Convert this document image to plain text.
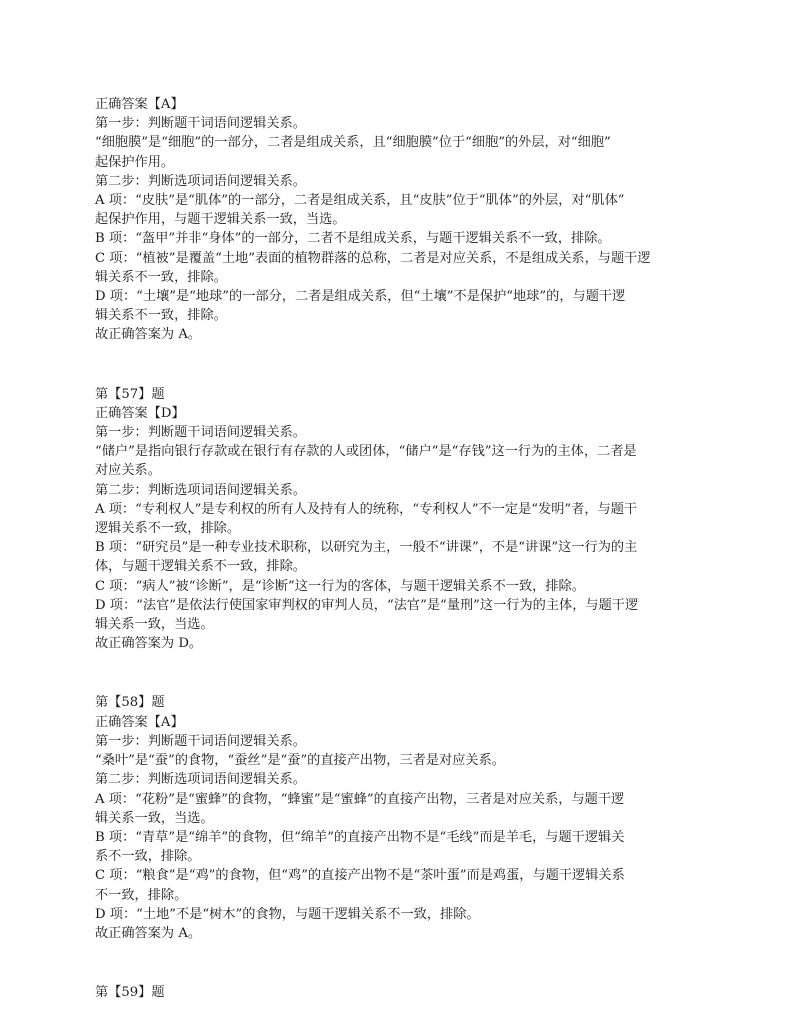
正确答案【A】

第一步：判断题干词语间逻辑关系。

“细胞膜”是“细胞”的一部分，二者是组成关系，且“细胞膜”位于“细胞”的外层，对“细胞”

起保护作用。

第二步：判断选项词语间逻辑关系。

A 项：“皮肤”是“肌体”的一部分，二者是组成关系，且“皮肤”位于“肌体”的外层，对“肌体”

起保护作用，与题干逻辑关系一致，当选。

B 项：“盔甲”并非“身体”的一部分，二者不是组成关系，与题干逻辑关系不一致，排除。

C 项：“植被”是覆盖“土地”表面的植物群落的总称，二者是对应关系，不是组成关系，与题干逻

辑关系不一致，排除。

D 项：“土壤”是“地球”的一部分，二者是组成关系，但“土壤”不是保护“地球”的，与题干逻

辑关系不一致，排除。

故正确答案为 A。

第【57】题

正确答案【D】

第一步：判断题干词语间逻辑关系。

“储户”是指向银行存款或在银行有存款的人或团体，“储户”是“存钱”这一行为的主体，二者是

对应关系。

第二步：判断选项词语间逻辑关系。

A 项：“专利权人”是专利权的所有人及持有人的统称，“专利权人”不一定是“发明”者，与题干

逻辑关系不一致，排除。

B 项：“研究员”是一种专业技术职称，以研究为主，一般不“讲课”，不是“讲课”这一行为的主

体，与题干逻辑关系不一致，排除。

C 项：“病人”被“诊断”，是“诊断”这一行为的客体，与题干逻辑关系不一致，排除。

D 项：“法官”是依法行使国家审判权的审判人员，“法官”是“量刑”这一行为的主体，与题干逻

辑关系一致，当选。

故正确答案为 D。

第【58】题

正确答案【A】

第一步：判断题干词语间逻辑关系。

“桑叶”是“蚕”的食物，“蚕丝”是“蚕”的直接产出物，三者是对应关系。

第二步：判断选项词语间逻辑关系。

A 项：“花粉”是“蜜蜂”的食物，“蜂蜜”是“蜜蜂”的直接产出物，三者是对应关系，与题干逻

辑关系一致，当选。

B 项：“青草”是“绵羊”的食物，但“绵羊”的直接产出物不是“毛线”而是羊毛，与题干逻辑关

系不一致，排除。

C 项：“粮食”是“鸡”的食物，但“鸡”的直接产出物不是“茶叶蛋”而是鸡蛋，与题干逻辑关系

不一致，排除。

D 项：“土地”不是“树木”的食物，与题干逻辑关系不一致，排除。

故正确答案为 A。

第【59】题
